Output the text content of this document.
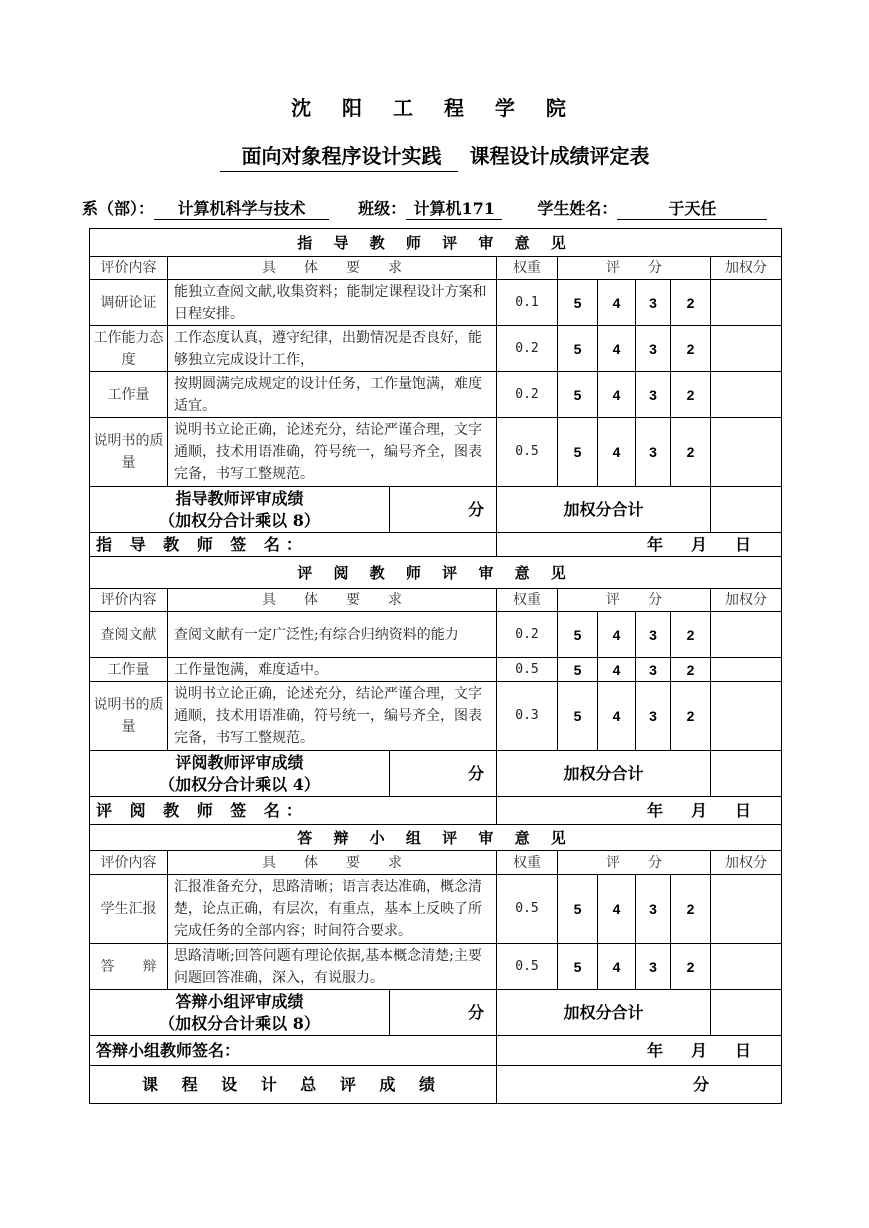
沈 阳 工 程 学 院
面向对象程序设计实践 课程设计成绩评定表
系（部）： 计算机科学与技术	班级： 计算机171	学生姓名：	于天任
指 导 教 师 评 审 意 见								
评价内容	具　　体　　要　　求		权重	评　　分				加权分
调研论证	能独立查阅文献,收集资料；能制定课程设计方案和日程安排。		0.1	5	4	3	2	
工作能力态度	工作态度认真，遵守纪律，出勤情况是否良好，能够独立完成设计工作，		0.2	5	4	3	2	
工作量	按期圆满完成规定的设计任务，工作量饱满，难度适宜。		0.2	5	4	3	2	
说明书的质量	说明书立论正确，论述充分，结论严谨合理，文字通顺，技术用语准确，符号统一，编号齐全，图表完备，书写工整规范。		0.5	5	4	3	2	

指导教师评审成绩
（加权分合计乘以 8）		分	加权分合计					
指 导 教 师 签 名：			年 月 日					
评 阅 教 师 评 审 意 见								
评价内容	具　　体　　要　　求		权重	评　　分				加权分
查阅文献	查阅文献有一定广泛性;有综合归纳资料的能力		0.2	5	4	3	2	
工作量	工作量饱满，难度适中。		0.5	5	4	3	2	
说明书的质量	说明书立论正确，论述充分，结论严谨合理，文字通顺，技术用语准确，符号统一，编号齐全，图表完备，书写工整规范。		0.3	5	4	3	2	

评阅教师评审成绩
（加权分合计乘以 4）		分	加权分合计					
评 阅 教 师 签 名：			年 月 日					
答 辩 小 组 评 审 意 见								
评价内容	具　　体　　要　　求		权重	评　　分				加权分
学生汇报	汇报准备充分，思路清晰；语言表达准确，概念清楚，论点正确，有层次，有重点，基本上反映了所完成任务的全部内容；时间符合要求。		0.5	5	4	3	2	
答　　辩	思路清晰;回答问题有理论依据,基本概念清楚;主要问题回答准确，深入，有说服力。		0.5	5	4	3	2	

答辩小组评审成绩
（加权分合计乘以 8）		分	加权分合计					
答辩小组教师签名：			年 月 日					
课 程 设 计 总 评 成 绩			分					
